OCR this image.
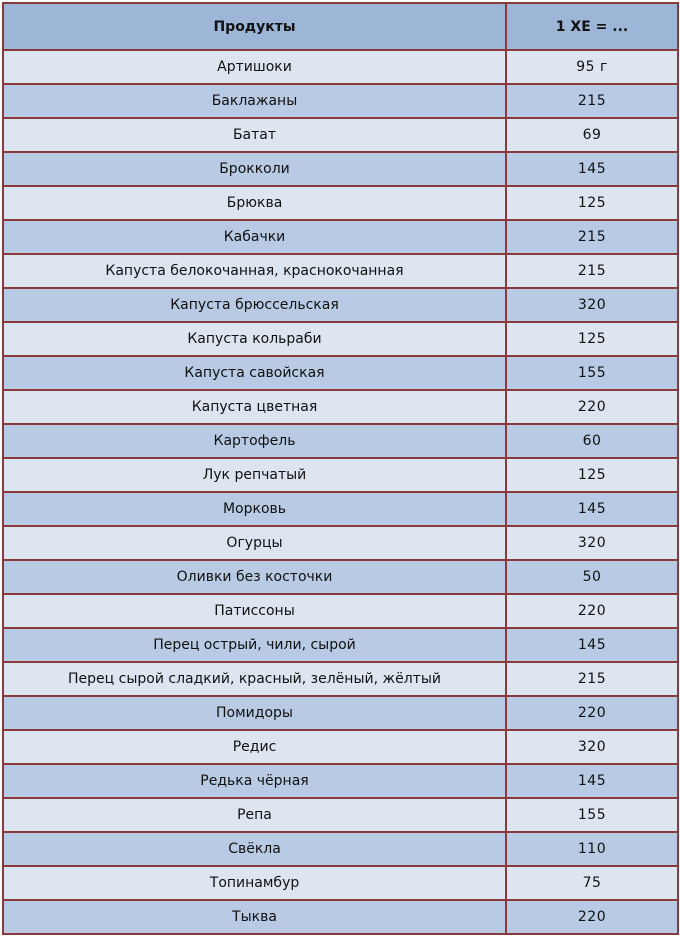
Продукты	1 ХЕ = ...
Артишоки	95 г
Баклажаны	215
Батат	69
Брокколи	145
Брюква	125
Кабачки	215
Капуста белокочанная, краснокочанная	215
Капуста брюссельская	320
Капуста кольраби	125
Капуста савойская	155
Капуста цветная	220
Картофель	60
Лук репчатый	125
Морковь	145
Огурцы	320
Оливки без косточки	50
Патиссоны	220
Перец острый, чили, сырой	145
Перец сырой сладкий, красный, зелёный, жёлтый	215
Помидоры	220
Редис	320
Редька чёрная	145
Репа	155
Свёкла	110
Топинамбур	75
Тыква	220
